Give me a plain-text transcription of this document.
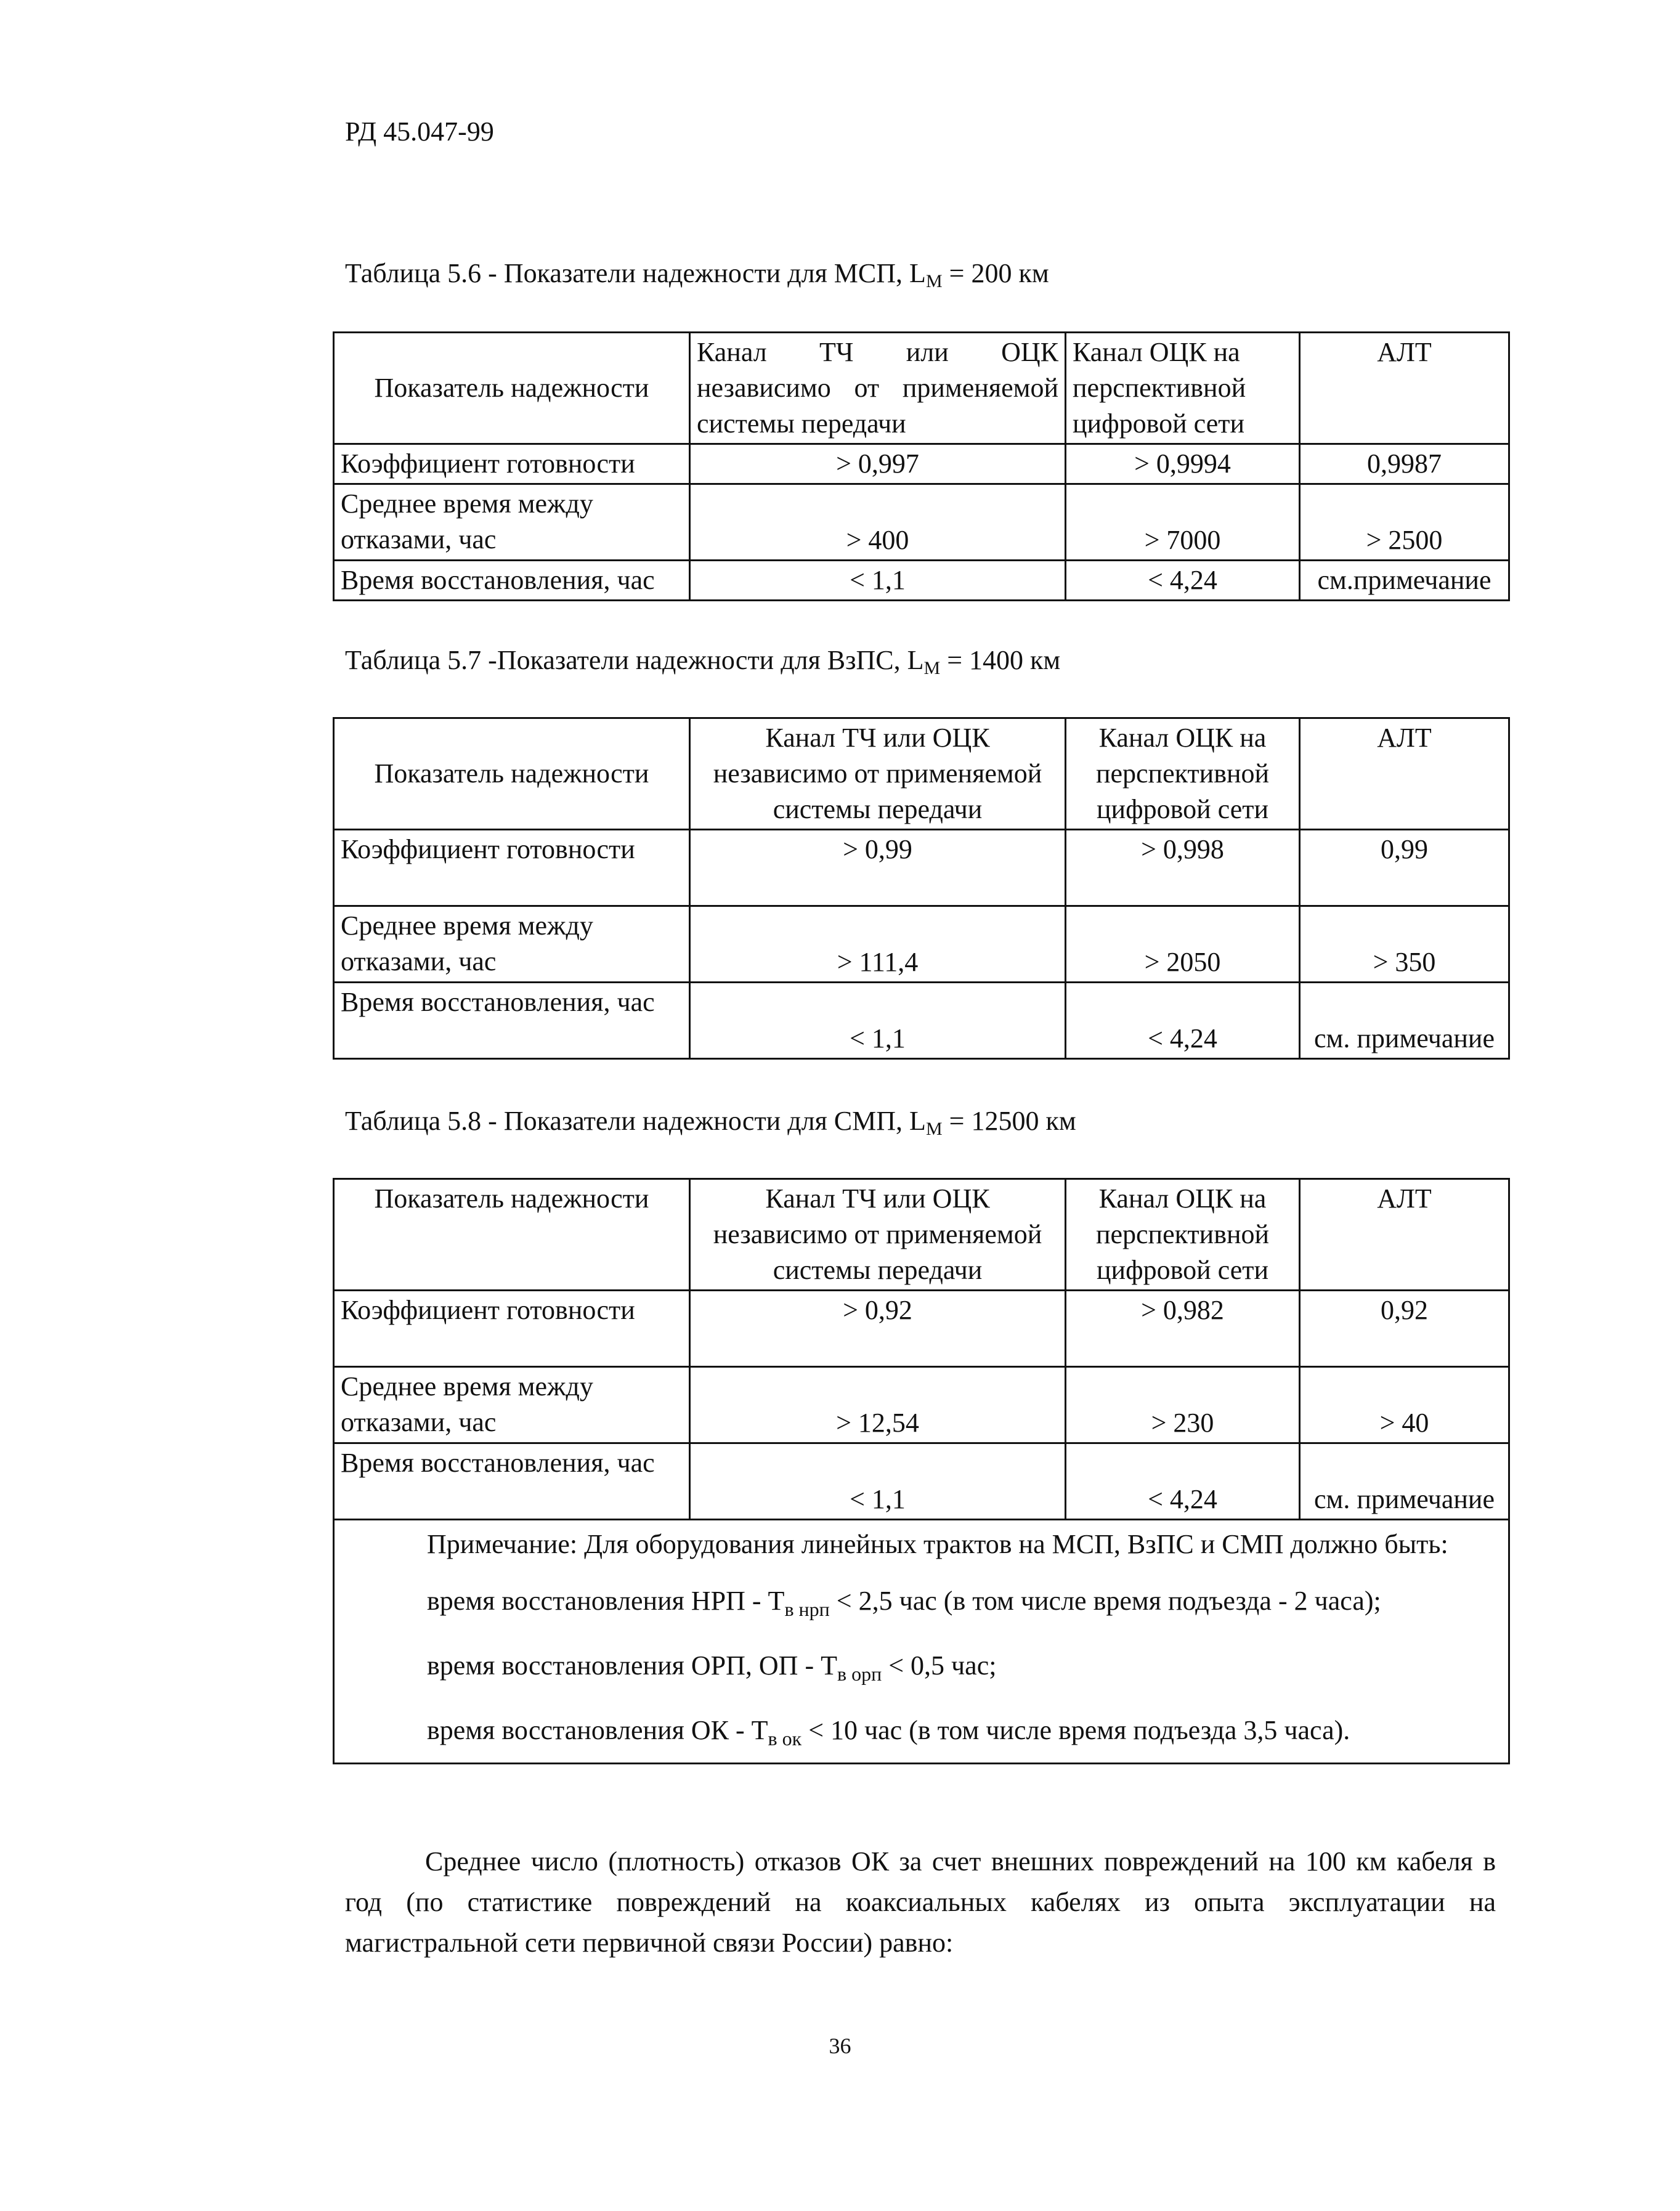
РД 45.047-99
Таблица 5.6 - Показатели надежности для МСП, $L_М = 200$ км
Показатель надежности	Канал ТЧ или ОЦК независимо от применяемой системы передачи	Канал ОЦК на перспективной цифровой сети	АЛТ
Коэффициент готовности	> 0,997	> 0,9994	0,9987
Среднее время между отказами, час	> 400	> 7000	> 2500
Время восстановления, час	< 1,1	< 4,24	см.примечание
Таблица 5.7 -Показатели надежности для ВзПС, $L_М = 1400$ км
Показатель надежности	Канал ТЧ или ОЦК независимо от применяемой системы передачи	Канал ОЦК на перспективной цифровой сети	АЛТ
Коэффициент готовности	> 0,99	> 0,998	0,99
Среднее время между отказами, час	> 111,4	> 2050	> 350
Время восстановления, час	< 1,1	< 4,24	см. примечание
Таблица 5.8 - Показатели надежности для СМП, $L_М = 12500$ км
Показатель надежности	Канал ТЧ или ОЦК независимо от применяемой системы передачи	Канал ОЦК на перспективной цифровой сети	АЛТ
Коэффициент готовности	> 0,92	> 0,982	0,92
Среднее время между отказами, час	> 12,54	> 230	> 40
Время восстановления, час	< 1,1	< 4,24	см. примечание

Примечание: Для оборудования линейных трактов на МСП, ВзПС и СМП должно быть:

время восстановления НРП - $Т_{в нрп} < 2,5$ час (в том числе время подъезда - 2 часа);

время восстановления ОРП, ОП - $Т_{в орп} < 0,5$ час;

время восстановления ОК - $Т_{в ок} < 10$ час (в том числе время подъезда 3,5 часа).			

Среднее число (плотность) отказов ОК за счет внешних повреждений на 100 км кабеля в год (по статистике повреждений на коаксиальных кабелях из опыта эксплуатации на магистральной сети первичной связи России) равно:

36
